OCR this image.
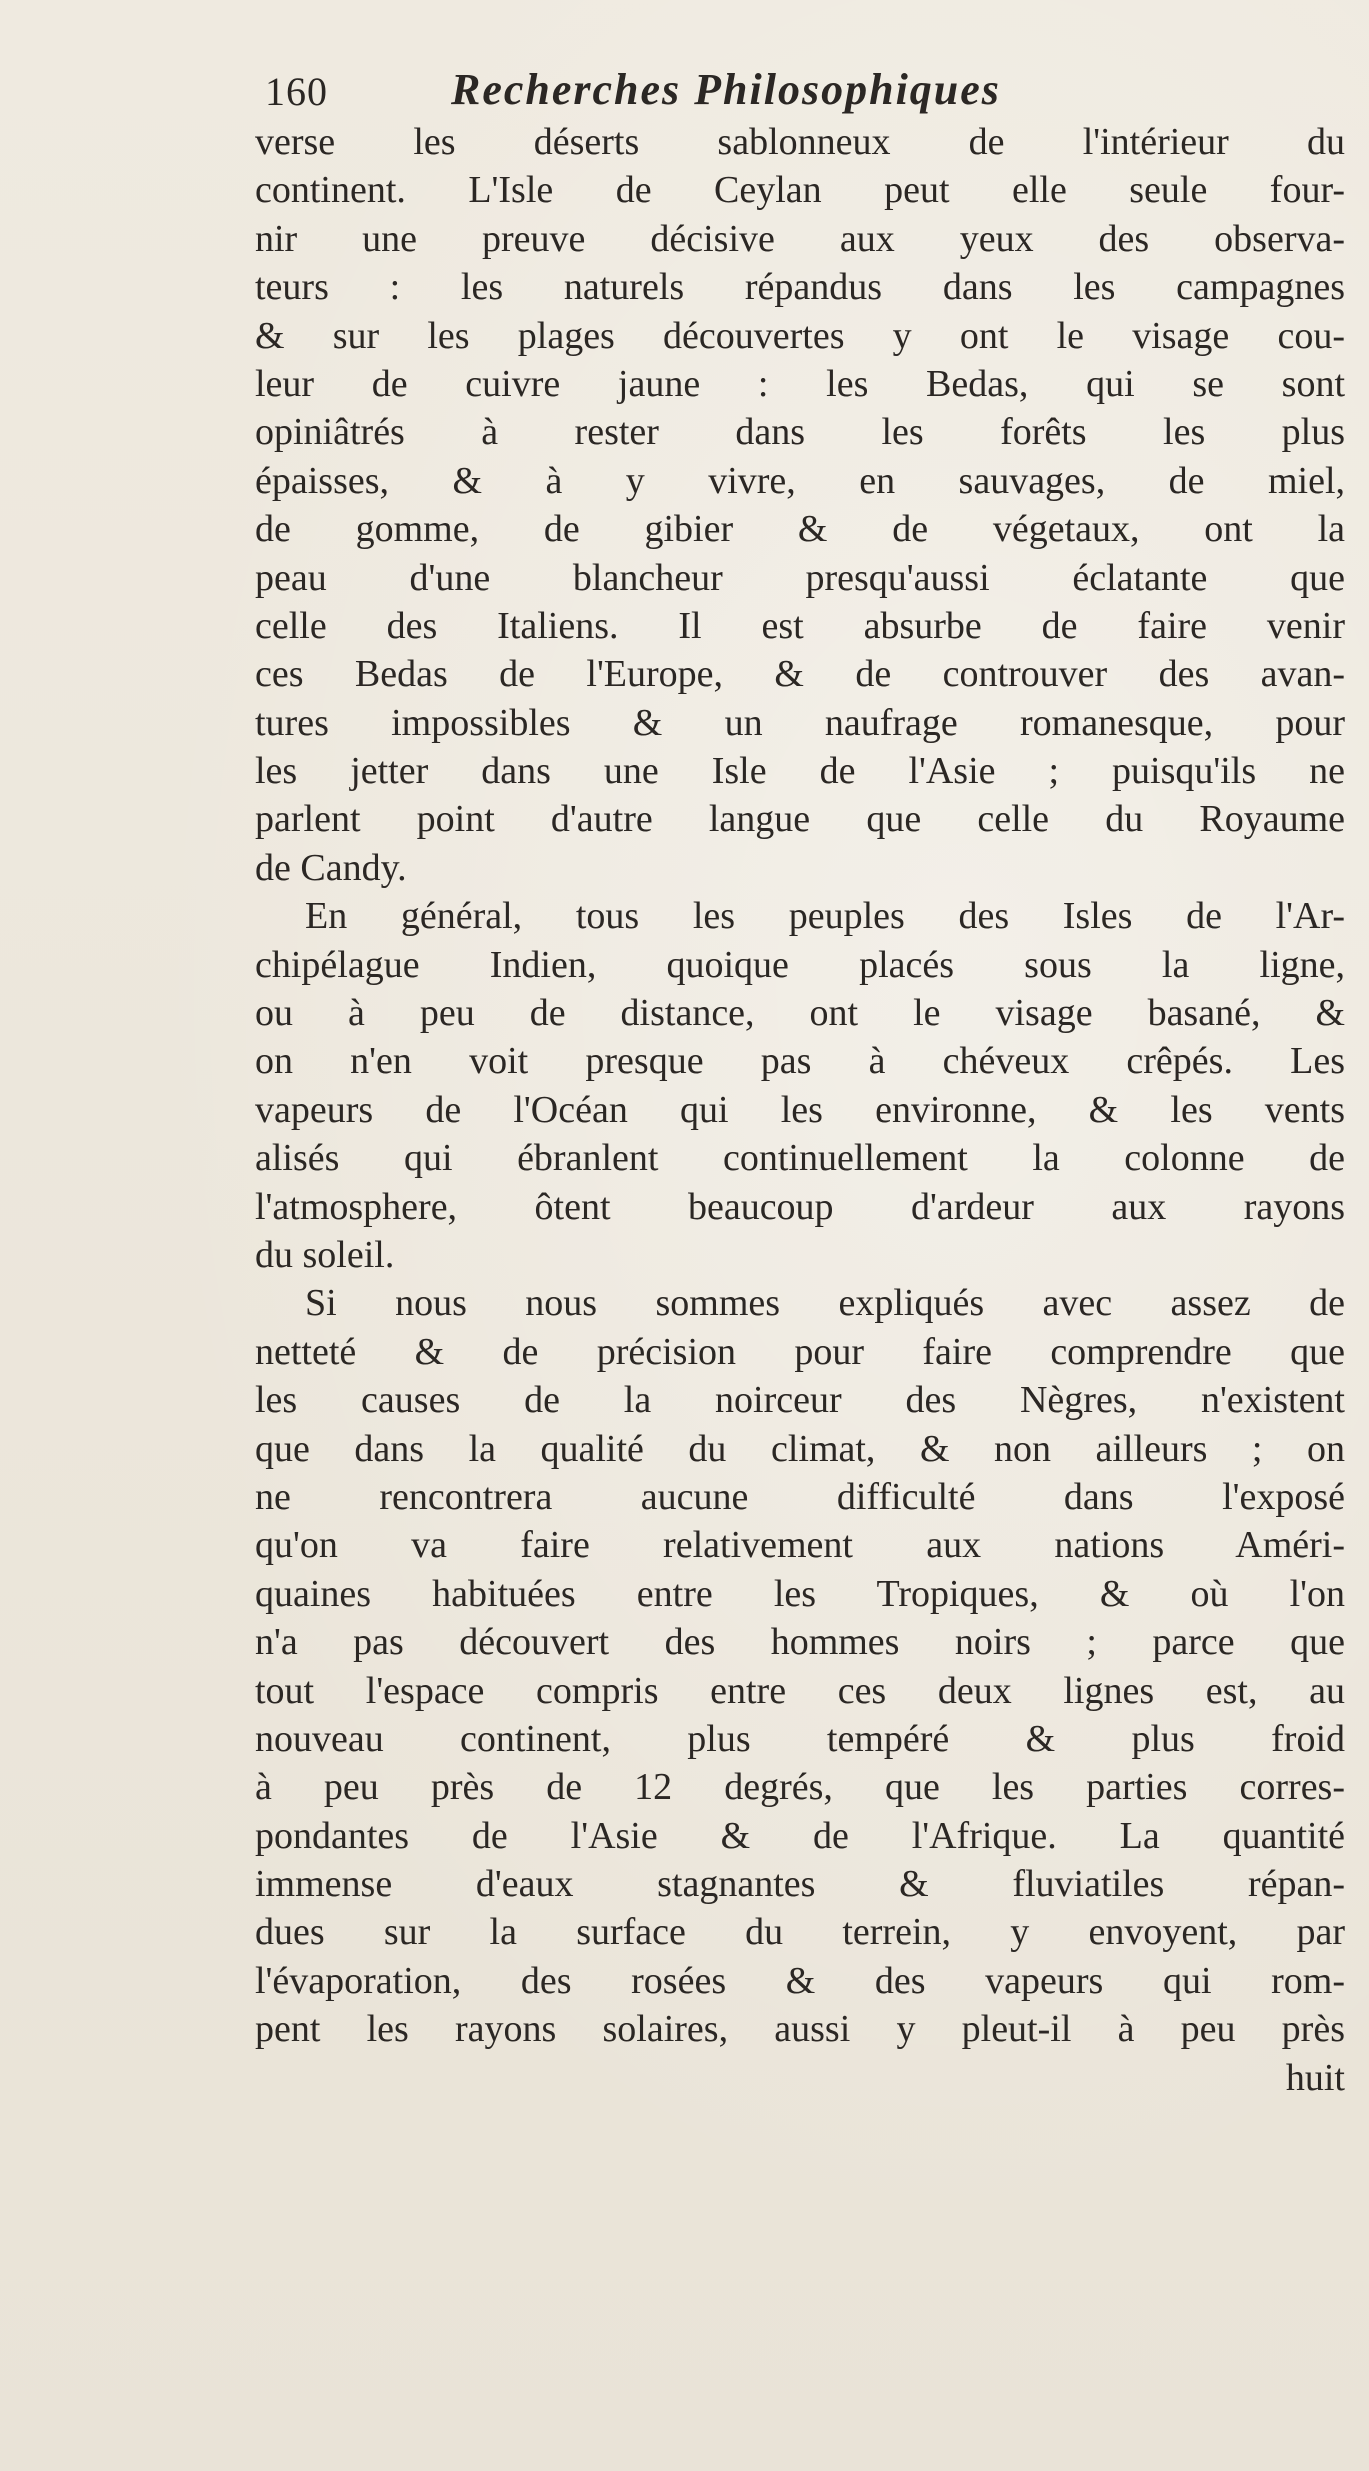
160	Recherches Philosophiques
verse les déserts sablonneux de l'intérieur du
continent. L'Isle de Ceylan peut elle seule four-
nir une preuve décisive aux yeux des observa-
teurs : les naturels répandus dans les campagnes
& sur les plages découvertes y ont le visage cou-
leur de cuivre jaune : les Bedas, qui se sont
opiniâtrés à rester dans les forêts les plus
épaisses, & à y vivre, en sauvages, de miel,
de gomme, de gibier & de végetaux, ont la
peau d'une blancheur presqu'aussi éclatante que
celle des Italiens. Il est absurbe de faire venir
ces Bedas de l'Europe, & de controuver des avan-
tures impossibles & un naufrage romanesque, pour
les jetter dans une Isle de l'Asie ; puisqu'ils ne
parlent point d'autre langue que celle du Royaume
de Candy.
En général, tous les peuples des Isles de l'Ar-
chipélague Indien, quoique placés sous la ligne,
ou à peu de distance, ont le visage basané, &
on n'en voit presque pas à chéveux crêpés. Les
vapeurs de l'Océan qui les environne, & les vents
alisés qui ébranlent continuellement la colonne de
l'atmosphere, ôtent beaucoup d'ardeur aux rayons
du soleil.
Si nous nous sommes expliqués avec assez de
netteté & de précision pour faire comprendre que
les causes de la noirceur des Nègres, n'existent
que dans la qualité du climat, & non ailleurs ; on
ne rencontrera aucune difficulté dans l'exposé
qu'on va faire relativement aux nations Améri-
quaines habituées entre les Tropiques, & où l'on
n'a pas découvert des hommes noirs ; parce que
tout l'espace compris entre ces deux lignes est, au
nouveau continent, plus tempéré & plus froid
à peu près de 12 degrés, que les parties corres-
pondantes de l'Asie & de l'Afrique. La quantité
immense d'eaux stagnantes & fluviatiles répan-
dues sur la surface du terrein, y envoyent, par
l'évaporation, des rosées & des vapeurs qui rom-
pent les rayons solaires, aussi y pleut-il à peu près
huit
